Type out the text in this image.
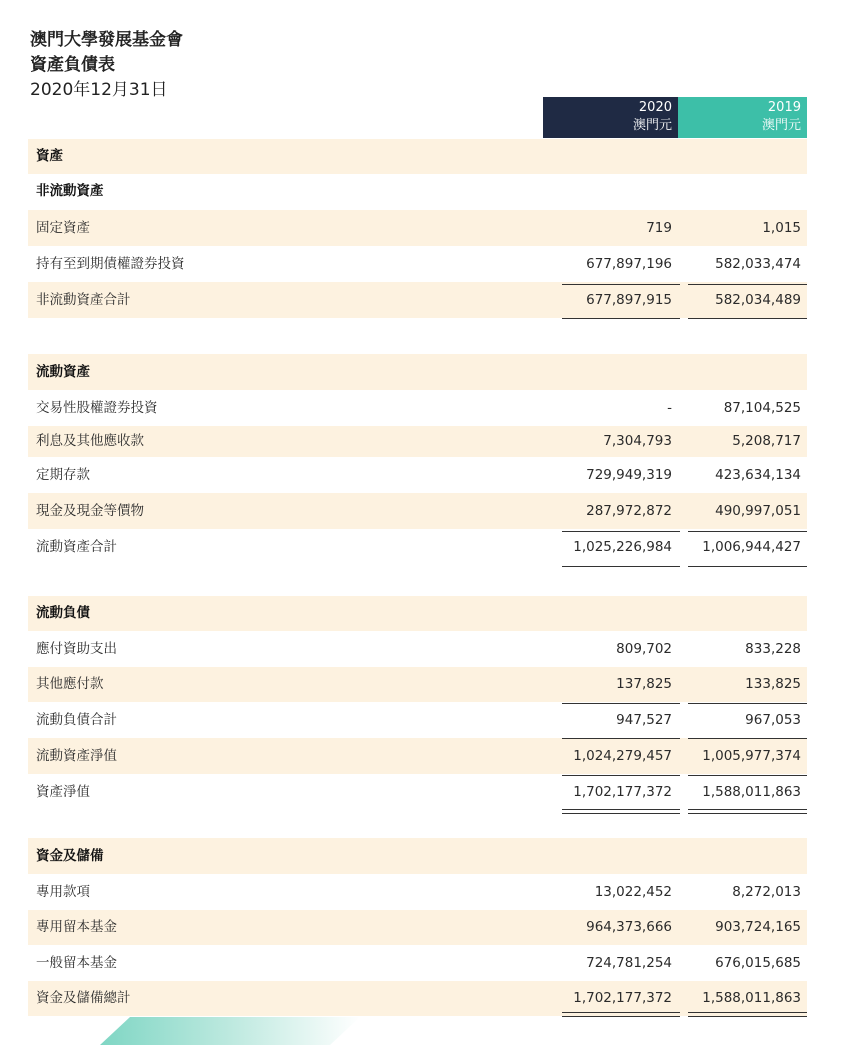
澳門大學發展基金會
資產負債表
2020年12月31日
2020
澳門元
2019
澳門元
資產
非流動資產
固定資產	719	1,015
持有至到期債權證券投資	677,897,196	582,033,474
非流動資產合計	677,897,915	582,034,489
流動資產
交易性股權證券投資	-	87,104,525
利息及其他應收款	7,304,793	5,208,717
定期存款	729,949,319	423,634,134
現金及現金等價物	287,972,872	490,997,051
流動資產合計	1,025,226,984 1,006,944,427
流動負債
應付資助支出	809,702	833,228
其他應付款	137,825	133,825
流動負債合計	947,527	967,053
流動資產淨值	1,024,279,457 1,005,977,374
資產淨值	1,702,177,372 1,588,011,863
資金及儲備
專用款項	13,022,452	8,272,013
專用留本基金	964,373,666	903,724,165
一般留本基金	724,781,254	676,015,685
資金及儲備總計	1,702,177,372 1,588,011,863
